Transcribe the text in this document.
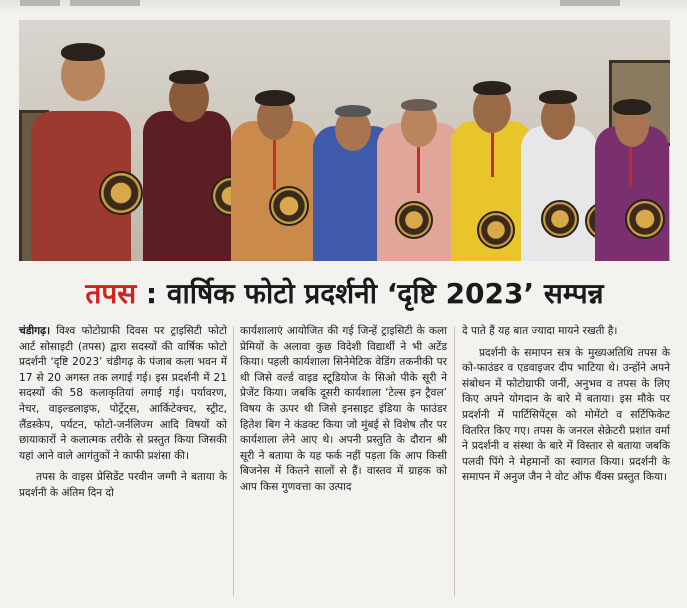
तपस : वार्षिक फोटो प्रदर्शनी ‘दृष्टि 2023’ सम्पन्न

चंडीगढ़। विश्व फोटोग्राफी दिवस पर ट्राइसिटी फोटो आर्ट सोसाइटी (तपस) द्वारा सदस्यों की वार्षिक फोटो प्रदर्शनी ‘दृष्टि 2023’ चंडीगढ़ के पंजाब कला भवन में 17 से 20 अगस्त तक लगाई गई। इस प्रदर्शनी में 21 सदस्यों की 58 कलाकृतियां लगाई गई। पर्यावरण, नेचर, वाइल्डलाइफ, पोर्ट्रेट्स, आर्किटेक्चर, स्ट्रीट, लैंडस्केप, पर्यटन, फोटो-जर्नलिज्म आदि विषयों को छायाकारों ने कलात्मक तरीके से प्रस्तुत किया जिसकी यहां आने वाले आगंतुकों ने काफी प्रशंसा की।

तपस के वाइस प्रेसिडेंट परवीन जग्गी ने बताया के प्रदर्शनी के अंतिम दिन दो

कार्यशालाएं आयोजित की गई जिन्हें ट्राइसिटी के कला प्रेमियों के अलावा कुछ विदेशी विद्यार्थी ने भी अटेंड किया। पहली कार्यशाला सिनेमेटिक वेडिंग तकनीकी पर थी जिसे वर्ल्ड वाइड स्टूडियोज के सिओ पीके सूरी ने प्रेजेंट किया। जबकि दूसरी कार्यशाला ‘टेल्स इन ट्रैवल’ विषय के ऊपर थी जिसे इनसाइट इंडिया के फाउंडर हितेश बिग ने कंडक्ट किया जो मुंबई से विशेष तौर पर कार्यशाला लेने आए थे। अपनी प्रस्तुति के दौरान श्री सूरी ने बताया के यह फर्क नहीं पड़ता कि आप किसी बिजनेस में कितने सालों से हैं। वास्तव में ग्राहक को आप किस गुणवत्ता का उत्पाद

दे पाते हैं यह बात ज्यादा मायने रखती है।

प्रदर्शनी के समापन सत्र के मुख्यअतिथि तपस के को-फाउंडर व एडवाइजर दीप भाटिया थे। उन्होंने अपने संबोधन में फोटोग्राफी जर्नी, अनुभव व तपस के लिए किए अपने योगदान के बारे में बताया। इस मौके पर प्रदर्शनी में पार्टिसिपेंट्स को मोमेंटो व सर्टिफिकेट वितरित किए गए। तपस के जनरल सेक्रेटरी प्रशांत वर्मा ने प्रदर्शनी व संस्था के बारे में विस्तार से बताया जबकि पलवी पिंगे ने मेहमानों का स्वागत किया। प्रदर्शनी के समापन में अनुज जैन ने वोट ऑफ थैंक्स प्रस्तुत किया।
